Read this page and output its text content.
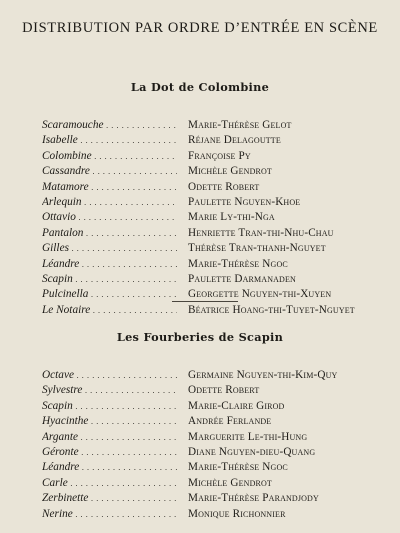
DISTRIBUTION PAR ORDRE D’ENTRÉE EN SCÈNE
La Dot de Colombine
Scaramouche . . .	Marie-Thérèse Gelot
Isabelle . . .	Réjane Delagoutte
Colombine . . .	Françoise Py
Cassandre . . .	Michèle Gendrot
Matamore . . .	Odette Robert
Arlequin . . .	Paulette Nguyen-Khoe
Ottavio . . .	Marie Ly-thi-Nga
Pantalon . . .	Henriette Tran-thi-Nhu-Chau
Gilles . . .	Thérèse Tran-thanh-Nguyet
Léandre . . .	Marie-Thérèse Ngoc
Scapin . . .	Paulette Darmanaden
Pulcinella . . .	Georgette Nguyen-thi-Xuyen
Le Notaire . . .	Béatrice Hoang-thi-Tuyet-Nguyet
Les Fourberies de Scapin
Octave . . .	Germaine Nguyen-thi-Kim-Quy
Sylvestre . . .	Odette Robert
Scapin . . .	Marie-Claire Girod
Hyacinthe . . .	Andrée Ferlande
Argante . . .	Marguerite Le-thi-Hung
Géronte . . .	Diane Nguyen-dieu-Quang
Léandre . . .	Marie-Thérèse Ngoc
Carle . . .	Michèle Gendrot
Zerbinette . . .	Marie-Thérèse Parandjody
Nerine . . .	Monique Richonnier
